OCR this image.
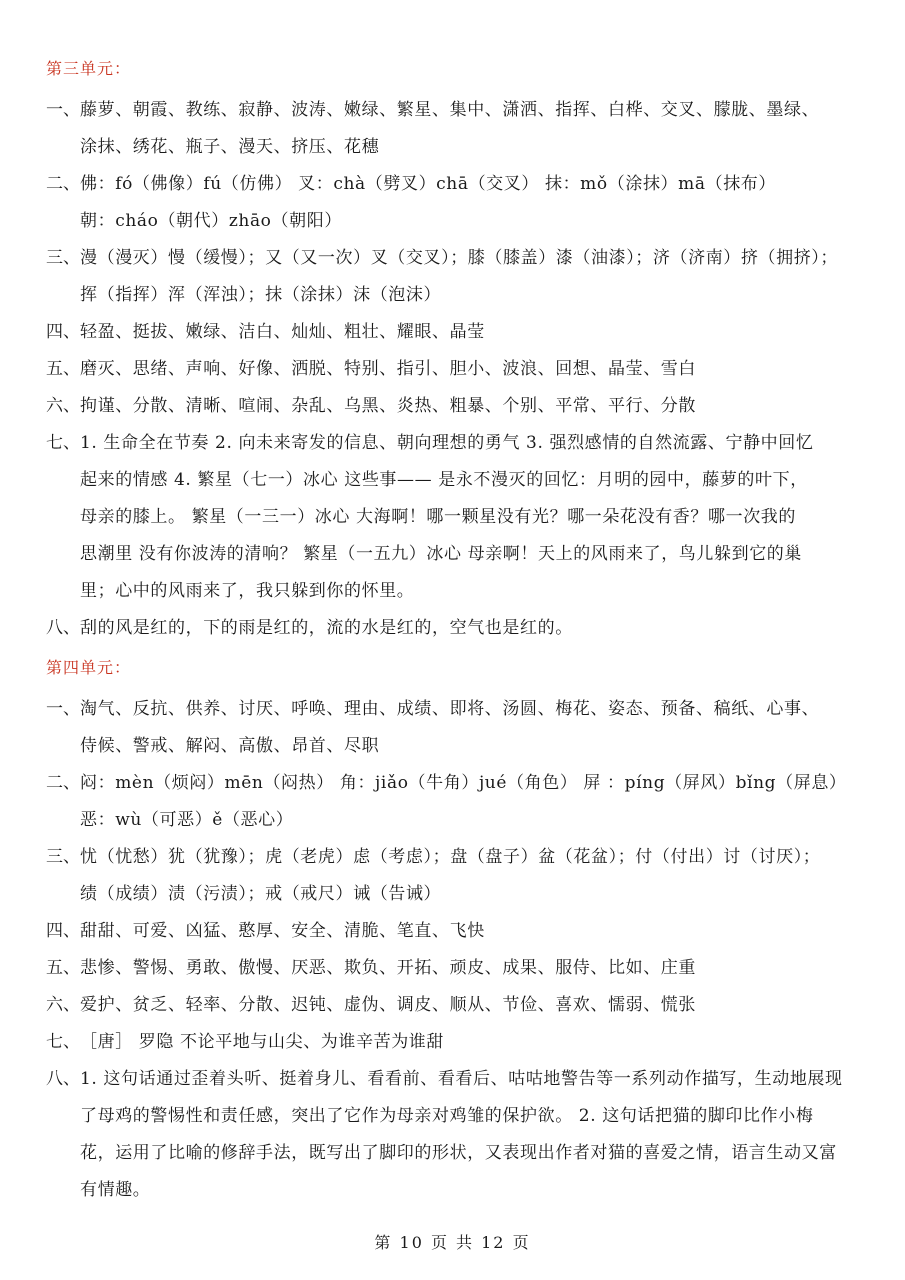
第三单元：
一、 藤萝、朝霞、教练、寂静、波涛、嫩绿、繁星、集中、潇洒、指挥、白桦、交叉、朦胧、墨绿、
涂抹、绣花、瓶子、漫天、挤压、花穗
二、 佛：fó（佛像）fú（仿佛） 叉：chà（劈叉）chā（交叉） 抹：mǒ（涂抹）mā（抹布）
朝：cháo（朝代）zhāo（朝阳）
三、 漫（漫灭）慢（缓慢）；又（又一次）叉（交叉）；膝（膝盖）漆（油漆）；济（济南）挤（拥挤）；
挥（指挥）浑（浑浊）；抹（涂抹）沫（泡沫）
四、 轻盈、挺拔、嫩绿、洁白、灿灿、粗壮、耀眼、晶莹
五、 磨灭、思绪、声响、好像、洒脱、特别、指引、胆小、波浪、回想、晶莹、雪白
六、 拘谨、分散、清晰、喧闹、杂乱、乌黑、炎热、粗暴、个别、平常、平行、分散
七、 1. 生命全在节奏 2. 向未来寄发的信息、朝向理想的勇气 3. 强烈感情的自然流露、宁静中回忆
起来的情感 4. 繁星（七一）冰心 这些事—— 是永不漫灭的回忆：月明的园中，藤萝的叶下，
母亲的膝上。 繁星（一三一）冰心 大海啊！哪一颗星没有光？哪一朵花没有香？哪一次我的
思潮里 没有你波涛的清响？ 繁星（一五九）冰心 母亲啊！天上的风雨来了，鸟儿躲到它的巢
里；心中的风雨来了，我只躲到你的怀里。
八、 刮的风是红的，下的雨是红的，流的水是红的，空气也是红的。
第四单元：
一、 淘气、反抗、供养、讨厌、呼唤、理由、成绩、即将、汤圆、梅花、姿态、预备、稿纸、心事、
侍候、警戒、解闷、高傲、昂首、尽职
二、 闷：mèn（烦闷）mēn（闷热） 角：jiǎo（牛角）jué（角色） 屏 ：píng（屏风）bǐng（屏息）
恶：wù（可恶）ě（恶心）
三、 忧（忧愁）犹（犹豫）；虎（老虎）虑（考虑）；盘（盘子）盆（花盆）；付（付出）讨（讨厌）；
绩（成绩）渍（污渍）；戒（戒尺）诫（告诫）
四、 甜甜、可爱、凶猛、憨厚、安全、清脆、笔直、飞快
五、 悲惨、警惕、勇敢、傲慢、厌恶、欺负、开拓、顽皮、成果、服侍、比如、庄重
六、 爱护、贫乏、轻率、分散、迟钝、虚伪、调皮、顺从、节俭、喜欢、懦弱、慌张
七、 ［唐］ 罗隐 不论平地与山尖、为谁辛苦为谁甜
八、 1. 这句话通过歪着头听、挺着身儿、看看前、看看后、咕咕地警告等一系列动作描写，生动地展现
了母鸡的警惕性和责任感，突出了它作为母亲对鸡雏的保护欲。 2. 这句话把猫的脚印比作小梅
花，运用了比喻的修辞手法，既写出了脚印的形状，又表现出作者对猫的喜爱之情，语言生动又富
有情趣。
第 10 页 共 12 页
